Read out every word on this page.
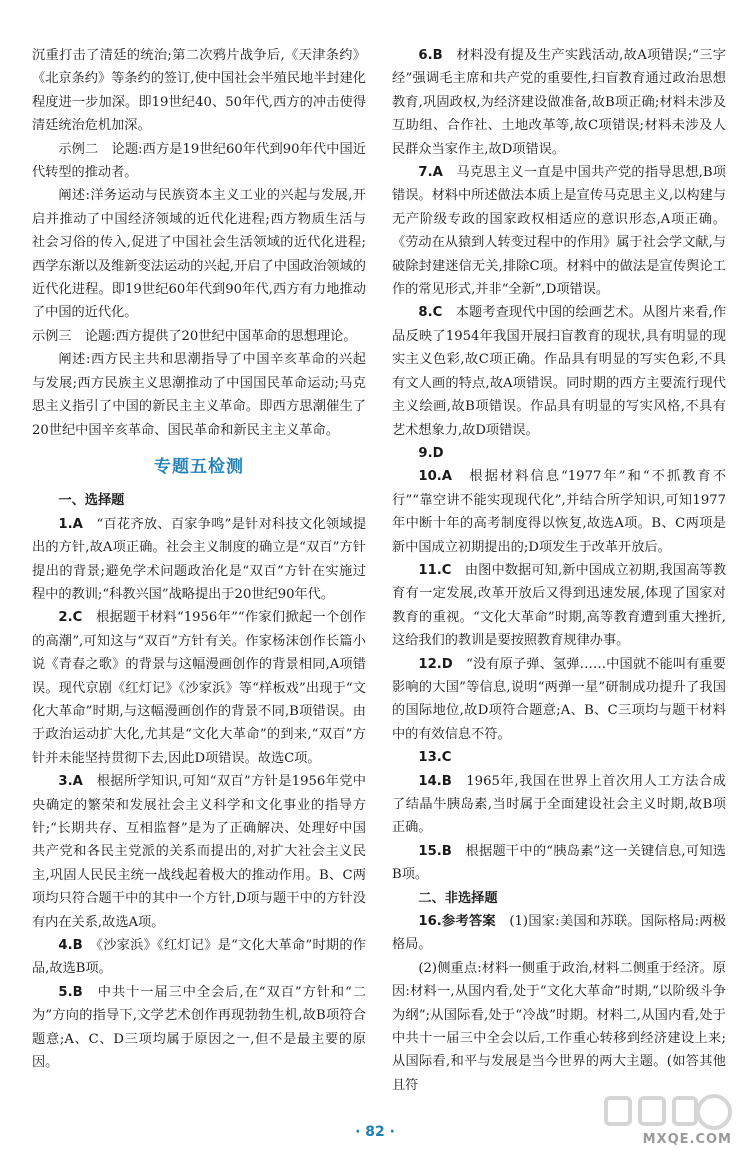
沉重打击了清廷的统治;第二次鸦片战争后,《天津条约》《北京条约》等条约的签订,使中国社会半殖民地半封建化程度进一步加深。即19世纪40、50年代,西方的冲击使得清廷统治危机加深。

示例二　论题:西方是19世纪60年代到90年代中国近代转型的推动者。

阐述:洋务运动与民族资本主义工业的兴起与发展,开启并推动了中国经济领域的近代化进程;西方物质生活与社会习俗的传入,促进了中国社会生活领域的近代化进程;西学东渐以及维新变法运动的兴起,开启了中国政治领域的近代化进程。即19世纪60年代到90年代,西方有力地推动了中国的近代化。

示例三　论题:西方提供了20世纪中国革命的思想理论。

阐述:西方民主共和思潮指导了中国辛亥革命的兴起与发展;西方民族主义思潮推动了中国国民革命运动;马克思主义指引了中国的新民主主义革命。即西方思潮催生了20世纪中国辛亥革命、国民革命和新民主主义革命。

专题五检测

一、选择题

1.A　 “百花齐放、百家争鸣”是针对科技文化领域提出的方针,故A项正确。社会主义制度的确立是“双百”方针提出的背景;避免学术问题政治化是“双百”方针在实施过程中的教训;“科教兴国”战略提出于20世纪90年代。

2.C　 根据题干材料“1956年”“作家们掀起一个创作的高潮”,可知这与“双百”方针有关。作家杨沫创作长篇小说《青春之歌》的背景与这幅漫画创作的背景相同,A项错误。现代京剧《红灯记》《沙家浜》等“样板戏”出现于“文化大革命”时期,与这幅漫画创作的背景不同,B项错误。由于政治运动扩大化,尤其是“文化大革命”的到来,“双百”方针并未能坚持贯彻下去,因此D项错误。故选C项。

3.A　 根据所学知识,可知“双百”方针是1956年党中央确定的繁荣和发展社会主义科学和文化事业的指导方针;“长期共存、互相监督”是为了正确解决、处理好中国共产党和各民主党派的关系而提出的,对扩大社会主义民主,巩固人民民主统一战线起着极大的推动作用。B、C两项均只符合题干中的其中一个方针,D项与题干中的方针没有内在关系,故选A项。

4.B　 《沙家浜》《红灯记》是“文化大革命”时期的作品,故选B项。

5.B　 中共十一届三中全会后,在“双百”方针和“二为”方向的指导下,文学艺术创作再现勃勃生机,故B项符合题意;A、C、D三项均属于原因之一,但不是最主要的原因。

6.B　 材料没有提及生产实践活动,故A项错误;“三字经”强调毛主席和共产党的重要性,扫盲教育通过政治思想教育,巩固政权,为经济建设做准备,故B项正确;材料未涉及互助组、合作社、土地改革等,故C项错误;材料未涉及人民群众当家作主,故D项错误。

7.A　 马克思主义一直是中国共产党的指导思想,B项错误。材料中所述做法本质上是宣传马克思主义,以构建与无产阶级专政的国家政权相适应的意识形态,A项正确。《劳动在从猿到人转变过程中的作用》属于社会学文献,与破除封建迷信无关,排除C项。材料中的做法是宣传舆论工作的常见形式,并非“全新”,D项错误。

8.C　 本题考查现代中国的绘画艺术。从图片来看,作品反映了1954年我国开展扫盲教育的现状,具有明显的现实主义色彩,故C项正确。作品具有明显的写实色彩,不具有文人画的特点,故A项错误。同时期的西方主要流行现代主义绘画,故B项错误。作品具有明显的写实风格,不具有艺术想象力,故D项错误。

9.D

10.A　 根据材料信息“1977年”和“不抓教育不行”“靠空讲不能实现现代化”,并结合所学知识,可知1977年中断十年的高考制度得以恢复,故选A项。B、C两项是新中国成立初期提出的;D项发生于改革开放后。

11.C　 由图中数据可知,新中国成立初期,我国高等教育有一定发展,改革开放后又得到迅速发展,体现了国家对教育的重视。“文化大革命”时期,高等教育遭到重大挫折,这给我们的教训是要按照教育规律办事。

12.D　 “没有原子弹、氢弹……中国就不能叫有重要影响的大国”等信息,说明“两弹一星”研制成功提升了我国的国际地位,故D项符合题意;A、B、C三项均与题干材料中的有效信息不符。

13.C

14.B　 1965年,我国在世界上首次用人工方法合成了结晶牛胰岛素,当时属于全面建设社会主义时期,故B项正确。

15.B　 根据题干中的“胰岛素”这一关键信息,可知选B项。

二、非选择题

16.参考答案　 (1)国家:美国和苏联。国际格局:两极格局。

(2)侧重点:材料一侧重于政治,材料二侧重于经济。原因:材料一,从国内看,处于“文化大革命”时期,“以阶级斗争为纲”;从国际看,处于“冷战”时期。材料二,从国内看,处于中共十一届三中全会以后,工作重心转移到经济建设上来;从国际看,和平与发展是当今世界的两大主题。(如答其他且符

· 82 ·	MXQE.COM
